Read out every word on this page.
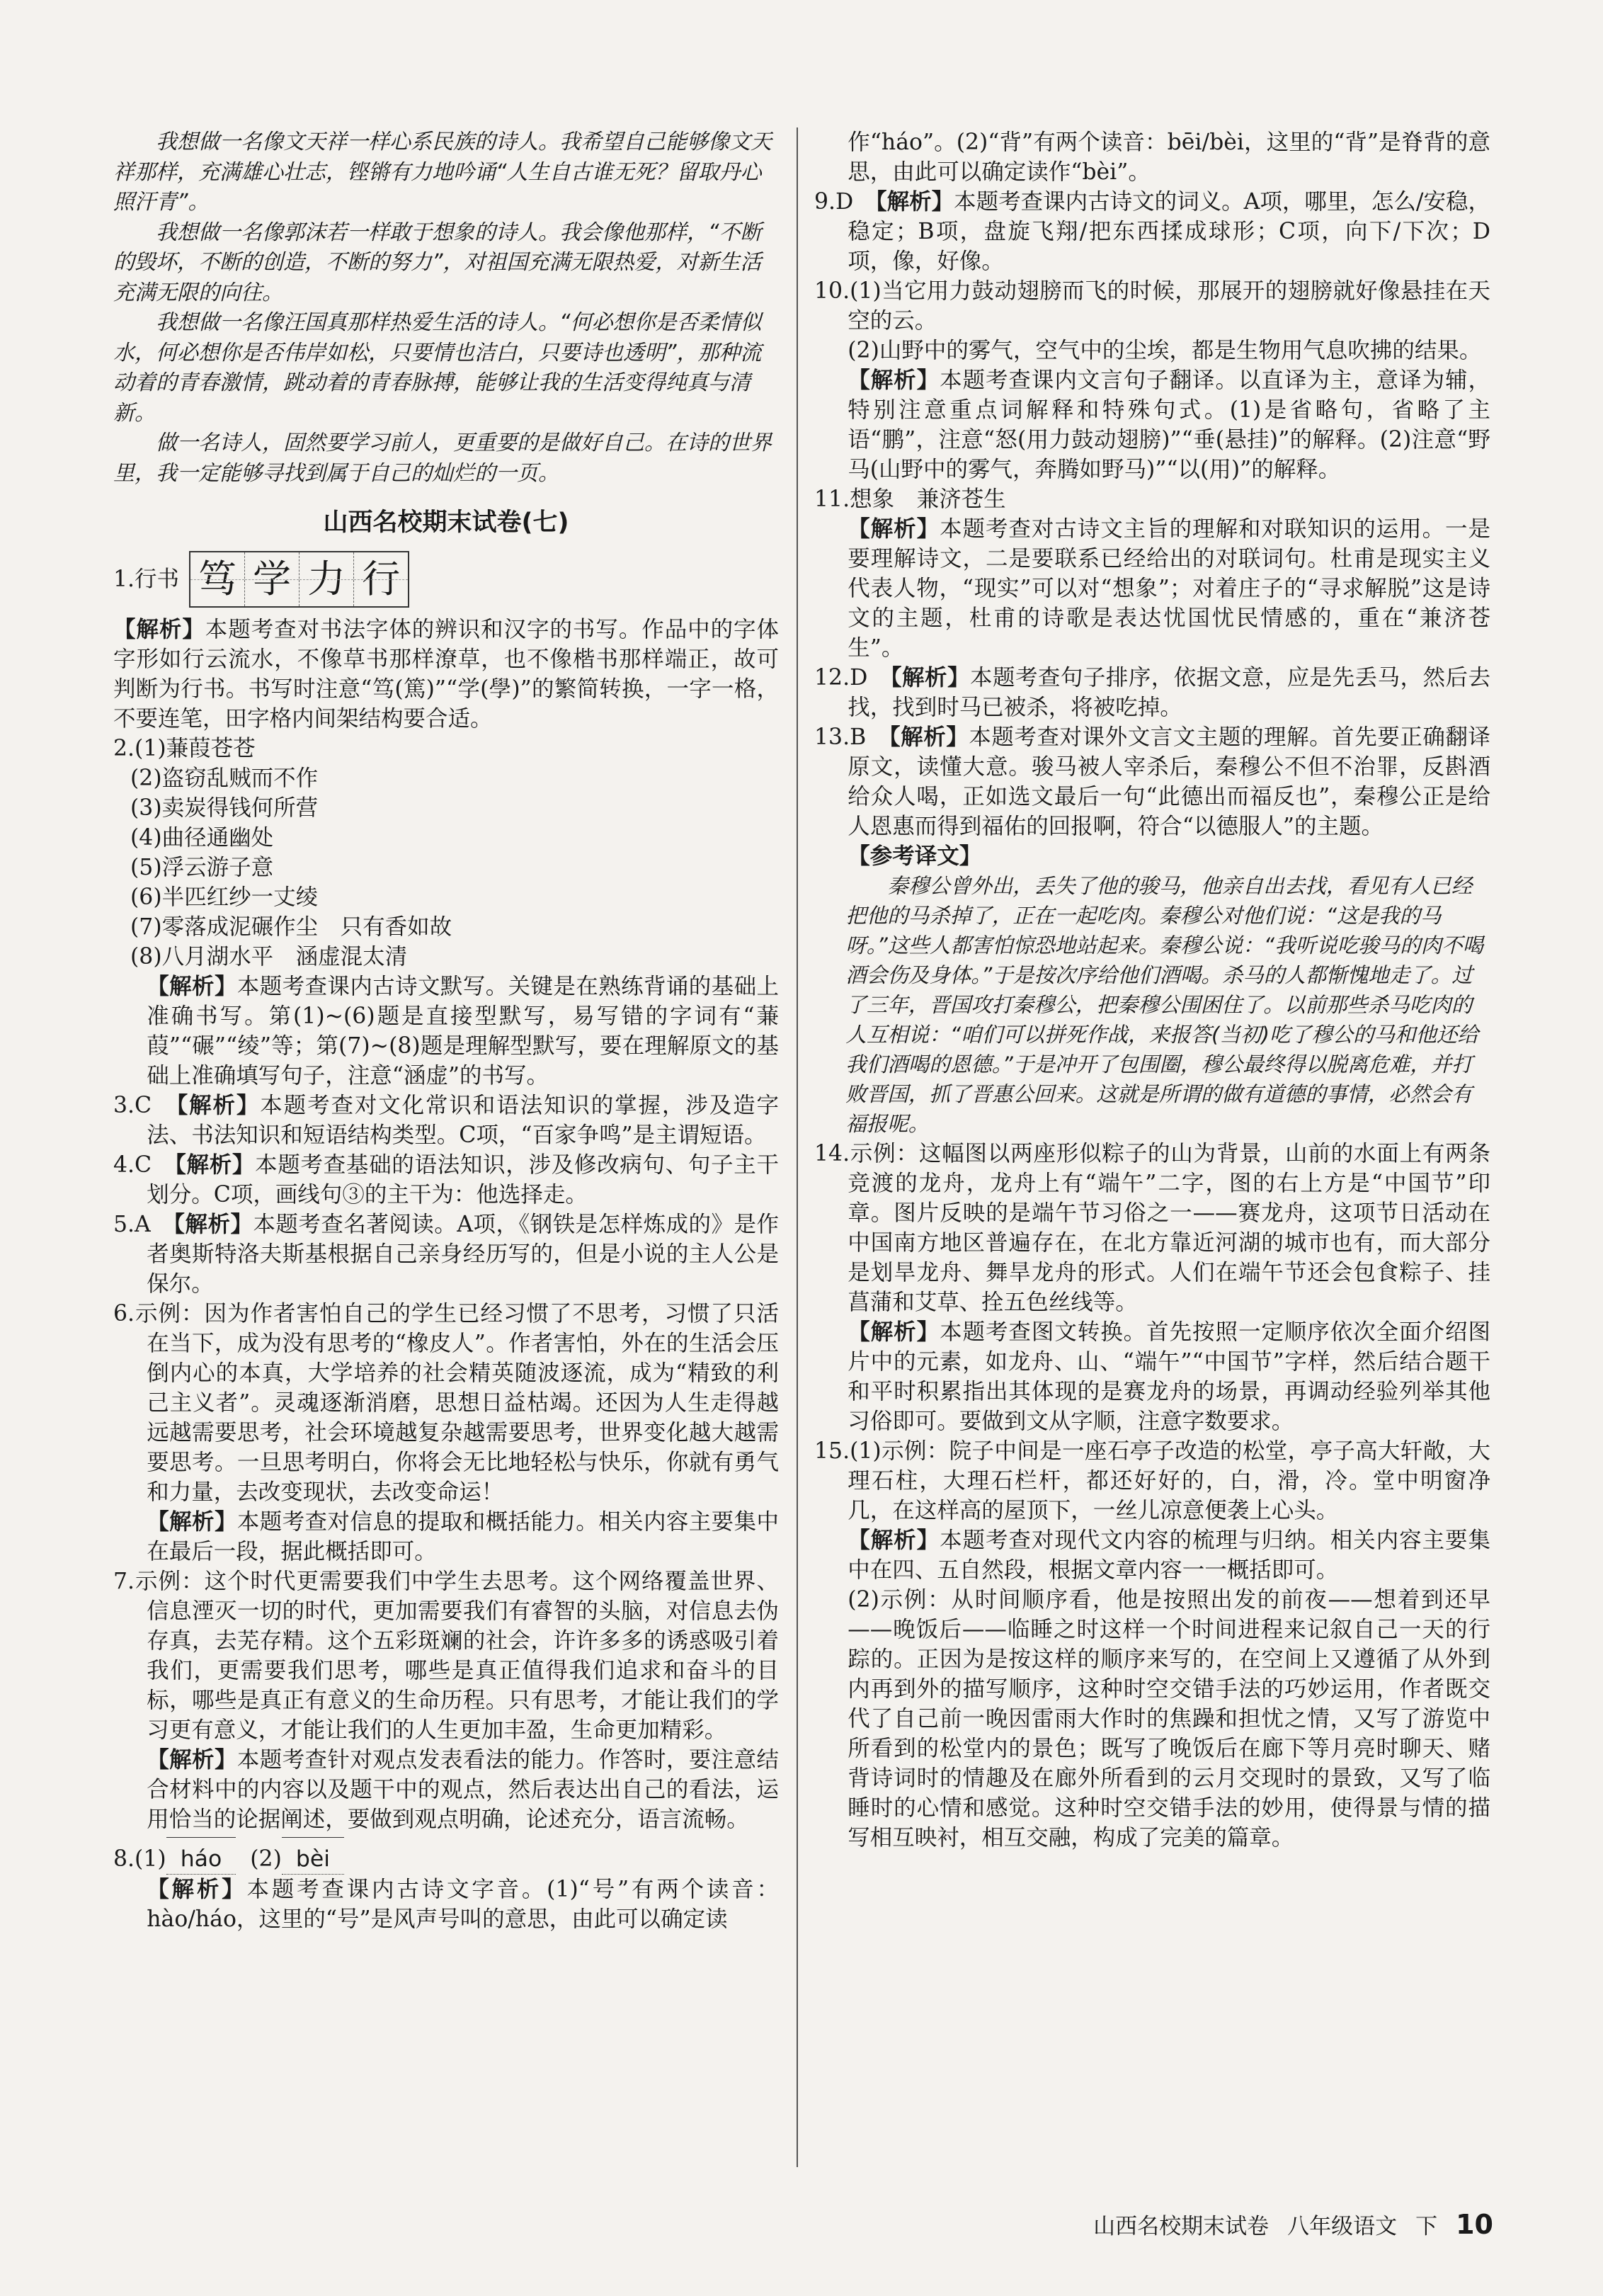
我想做一名像文天祥一样心系民族的诗人。我希望自己能够像文天祥那样，充满雄心壮志，铿锵有力地吟诵“人生自古谁无死？留取丹心照汗青”。

我想做一名像郭沫若一样敢于想象的诗人。我会像他那样，“不断的毁坏，不断的创造，不断的努力”，对祖国充满无限热爱，对新生活充满无限的向往。

我想做一名像汪国真那样热爱生活的诗人。“何必想你是否柔情似水，何必想你是否伟岸如松，只要情也洁白，只要诗也透明”，那种流动着的青春激情，跳动着的青春脉搏，能够让我的生活变得纯真与清新。

做一名诗人，固然要学习前人，更重要的是做好自己。在诗的世界里，我一定能够寻找到属于自己的灿烂的一页。

山西名校期末试卷(七)
1.行书 笃 学 力 行

【解析】本题考查对书法字体的辨识和汉字的书写。作品中的字体字形如行云流水，不像草书那样潦草，也不像楷书那样端正，故可判断为行书。书写时注意“笃(篤)”“学(學)”的繁简转换，一字一格，不要连笔，田字格内间架结构要合适。

2.(1)蒹葭苍苍

(2)盗窃乱贼而不作

(3)卖炭得钱何所营

(4)曲径通幽处

(5)浮云游子意

(6)半匹红纱一丈绫

(7)零落成泥碾作尘　只有香如故

(8)八月湖水平　涵虚混太清

【解析】本题考查课内古诗文默写。关键是在熟练背诵的基础上准确书写。第(1)~(6)题是直接型默写，易写错的字词有“蒹葭”“碾”“绫”等；第(7)~(8)题是理解型默写，要在理解原文的基础上准确填写句子，注意“涵虚”的书写。

3.C　【解析】本题考查对文化常识和语法知识的掌握，涉及造字法、书法知识和短语结构类型。C项，“百家争鸣”是主谓短语。

4.C　【解析】本题考查基础的语法知识，涉及修改病句、句子主干划分。C项，画线句③的主干为：他选择走。

5.A　【解析】本题考查名著阅读。A项，《钢铁是怎样炼成的》是作者奥斯特洛夫斯基根据自己亲身经历写的，但是小说的主人公是保尔。

6.示例：因为作者害怕自己的学生已经习惯了不思考，习惯了只活在当下，成为没有思考的“橡皮人”。作者害怕，外在的生活会压倒内心的本真，大学培养的社会精英随波逐流，成为“精致的利己主义者”。灵魂逐渐消磨，思想日益枯竭。还因为人生走得越远越需要思考，社会环境越复杂越需要思考，世界变化越大越需要思考。一旦思考明白，你将会无比地轻松与快乐，你就有勇气和力量，去改变现状，去改变命运！

【解析】本题考查对信息的提取和概括能力。相关内容主要集中在最后一段，据此概括即可。

7.示例：这个时代更需要我们中学生去思考。这个网络覆盖世界、信息湮灭一切的时代，更加需要我们有睿智的头脑，对信息去伪存真，去芜存精。这个五彩斑斓的社会，许许多多的诱惑吸引着我们，更需要我们思考，哪些是真正值得我们追求和奋斗的目标，哪些是真正有意义的生命历程。只有思考，才能让我们的学习更有意义，才能让我们的人生更加丰盈，生命更加精彩。

【解析】本题考查针对观点发表看法的能力。作答时，要注意结合材料中的内容以及题干中的观点，然后表达出自己的看法，运用恰当的论据阐述，要做到观点明确，论述充分，语言流畅。

8.(1) háo (2) bèi

【解析】本题考查课内古诗文字音。(1)“号”有两个读音：hào/háo，这里的“号”是风声号叫的意思，由此可以确定读

作“háo”。(2)“背”有两个读音：bēi/bèi，这里的“背”是脊背的意思，由此可以确定读作“bèi”。

9.D　【解析】本题考查课内古诗文的词义。A项，哪里，怎么/安稳，稳定；B项，盘旋飞翔/把东西揉成球形；C项，向下/下次；D项，像，好像。

10.(1)当它用力鼓动翅膀而飞的时候，那展开的翅膀就好像悬挂在天空的云。

(2)山野中的雾气，空气中的尘埃，都是生物用气息吹拂的结果。

【解析】本题考查课内文言句子翻译。以直译为主，意译为辅，特别注意重点词解释和特殊句式。(1)是省略句，省略了主语“鹏”，注意“怒(用力鼓动翅膀)”“垂(悬挂)”的解释。(2)注意“野马(山野中的雾气，奔腾如野马)”“以(用)”的解释。

11.想象　兼济苍生

【解析】本题考查对古诗文主旨的理解和对联知识的运用。一是要理解诗文，二是要联系已经给出的对联词句。杜甫是现实主义代表人物，“现实”可以对“想象”；对着庄子的“寻求解脱”这是诗文的主题，杜甫的诗歌是表达忧国忧民情感的，重在“兼济苍生”。

12.D　【解析】本题考查句子排序，依据文意，应是先丢马，然后去找，找到时马已被杀，将被吃掉。

13.B　【解析】本题考查对课外文言文主题的理解。首先要正确翻译原文，读懂大意。骏马被人宰杀后，秦穆公不但不治罪，反斟酒给众人喝，正如选文最后一句“此德出而福反也”，秦穆公正是给人恩惠而得到福佑的回报啊，符合“以德服人”的主题。

【参考译文】

秦穆公曾外出，丢失了他的骏马，他亲自出去找，看见有人已经把他的马杀掉了，正在一起吃肉。秦穆公对他们说：“这是我的马呀。”这些人都害怕惊恐地站起来。秦穆公说：“我听说吃骏马的肉不喝酒会伤及身体。”于是按次序给他们酒喝。杀马的人都惭愧地走了。过了三年，晋国攻打秦穆公，把秦穆公围困住了。以前那些杀马吃肉的人互相说：“咱们可以拼死作战，来报答(当初)吃了穆公的马和他还给我们酒喝的恩德。”于是冲开了包围圈，穆公最终得以脱离危难，并打败晋国，抓了晋惠公回来。这就是所谓的做有道德的事情，必然会有福报呢。

14.示例：这幅图以两座形似粽子的山为背景，山前的水面上有两条竞渡的龙舟，龙舟上有“端午”二字，图的右上方是“中国节”印章。图片反映的是端午节习俗之一——赛龙舟，这项节日活动在中国南方地区普遍存在，在北方靠近河湖的城市也有，而大部分是划旱龙舟、舞旱龙舟的形式。人们在端午节还会包食粽子、挂菖蒲和艾草、拴五色丝线等。

【解析】本题考查图文转换。首先按照一定顺序依次全面介绍图片中的元素，如龙舟、山、“端午”“中国节”字样，然后结合题干和平时积累指出其体现的是赛龙舟的场景，再调动经验列举其他习俗即可。要做到文从字顺，注意字数要求。

15.(1)示例：院子中间是一座石亭子改造的松堂，亭子高大轩敞，大理石柱，大理石栏杆，都还好好的，白，滑，冷。堂中明窗净几，在这样高的屋顶下，一丝儿凉意便袭上心头。

【解析】本题考查对现代文内容的梳理与归纳。相关内容主要集中在四、五自然段，根据文章内容一一概括即可。

(2)示例：从时间顺序看，他是按照出发的前夜——想着到还早——晚饭后——临睡之时这样一个时间进程来记叙自己一天的行踪的。正因为是按这样的顺序来写的，在空间上又遵循了从外到内再到外的描写顺序，这种时空交错手法的巧妙运用，作者既交代了自己前一晚因雷雨大作时的焦躁和担忧之情，又写了游览中所看到的松堂内的景色；既写了晚饭后在廊下等月亮时聊天、赌背诗词时的情趣及在廊外所看到的云月交现时的景致，又写了临睡时的心情和感觉。这种时空交错手法的妙用，使得景与情的描写相互映衬，相互交融，构成了完美的篇章。

山西名校期末试卷 八年级语文 下 10
